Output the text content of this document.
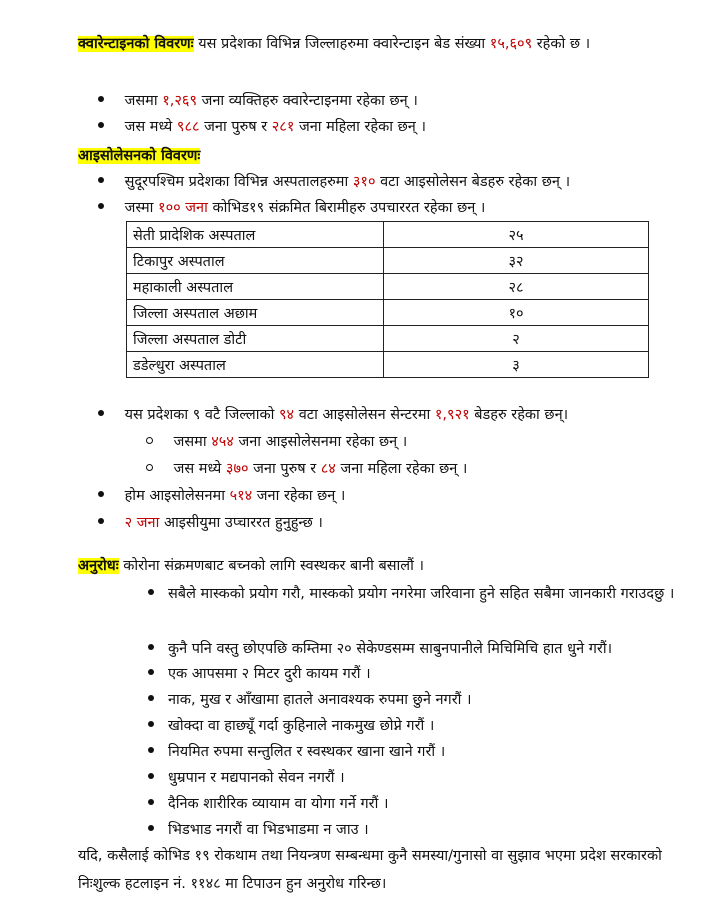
क्वारेन्टाइनको विवरणः यस प्रदेशका विभिन्न जिल्लाहरुमा क्वारेन्टाइन बेड संख्या १५,६०९ रहेको छ ।
जसमा १,२६९ जना व्यक्तिहरु क्वारेन्टाइनमा रहेका छन् ।
जस मध्ये ९८८ जना पुरुष र २८१ जना महिला रहेका छन् ।
आइसोलेसनको विवरणः
सुदूरपश्चिम प्रदेशका विभिन्न अस्पतालहरुमा ३१० वटा आइसोलेसन बेडहरु रहेका छन् ।
जस्मा १०० जना कोभिड१९ संक्रमित बिरामीहरु उपचाररत रहेका छन् ।
सेती प्रादेशिक अस्पताल	२५
टिकापुर अस्पताल	३२
महाकाली अस्पताल	२८
जिल्ला अस्पताल अछाम	१०
जिल्ला अस्पताल डोटी	२
डडेल्धुरा अस्पताल	३
यस प्रदेशका ९ वटै जिल्लाको ९४ वटा आइसोलेसन सेन्टरमा १,९२१ बेडहरु रहेका छन्।
जसमा ४५४ जना आइसोलेसनमा रहेका छन् ।
जस मध्ये ३७० जना पुरुष र ८४ जना महिला रहेका छन् ।
होम आइसोलेसनमा ५१४ जना रहेका छन् ।
२ जना आइसीयुमा उप्चाररत हुनुहुन्छ ।
अनुरोधः कोरोना संक्रमणबाट बच्नको लागि स्वस्थकर बानी बसालौं ।
सबैले मास्कको प्रयोग गरौ, मास्कको प्रयोग नगरेमा जरिवाना हुने सहित सबैमा जानकारी गराउदछु ।
कुनै पनि वस्तु छोएपछि कम्तिमा २० सेकेण्डसम्म साबुनपानीले मिचिमिचि हात धुने गरौं।
एक आपसमा २ मिटर दुरी कायम गरौं ।
नाक, मुख र आँखामा हातले अनावश्यक रुपमा छुने नगरौं ।
खोक्दा वा हाछ्यूँ गर्दा कुहिनाले नाकमुख छोप्ने गरौं ।
नियमित रुपमा सन्तुलित र स्वस्थकर खाना खाने गरौं ।
धुम्रपान र मद्यपानको सेवन नगरौं ।
दैनिक शारीरिक व्यायाम वा योगा गर्ने गरौं ।
भिडभाड नगरौं वा भिडभाडमा न जाउ ।
यदि, कसैलाई कोभिड १९ रोकथाम तथा नियन्त्रण सम्बन्धमा कुनै समस्या/गुनासो वा सुझाव भएमा प्रदेश सरकारको निःशुल्क हटलाइन नं. ११४८ मा टिपाउन हुन अनुरोध गरिन्छ।
